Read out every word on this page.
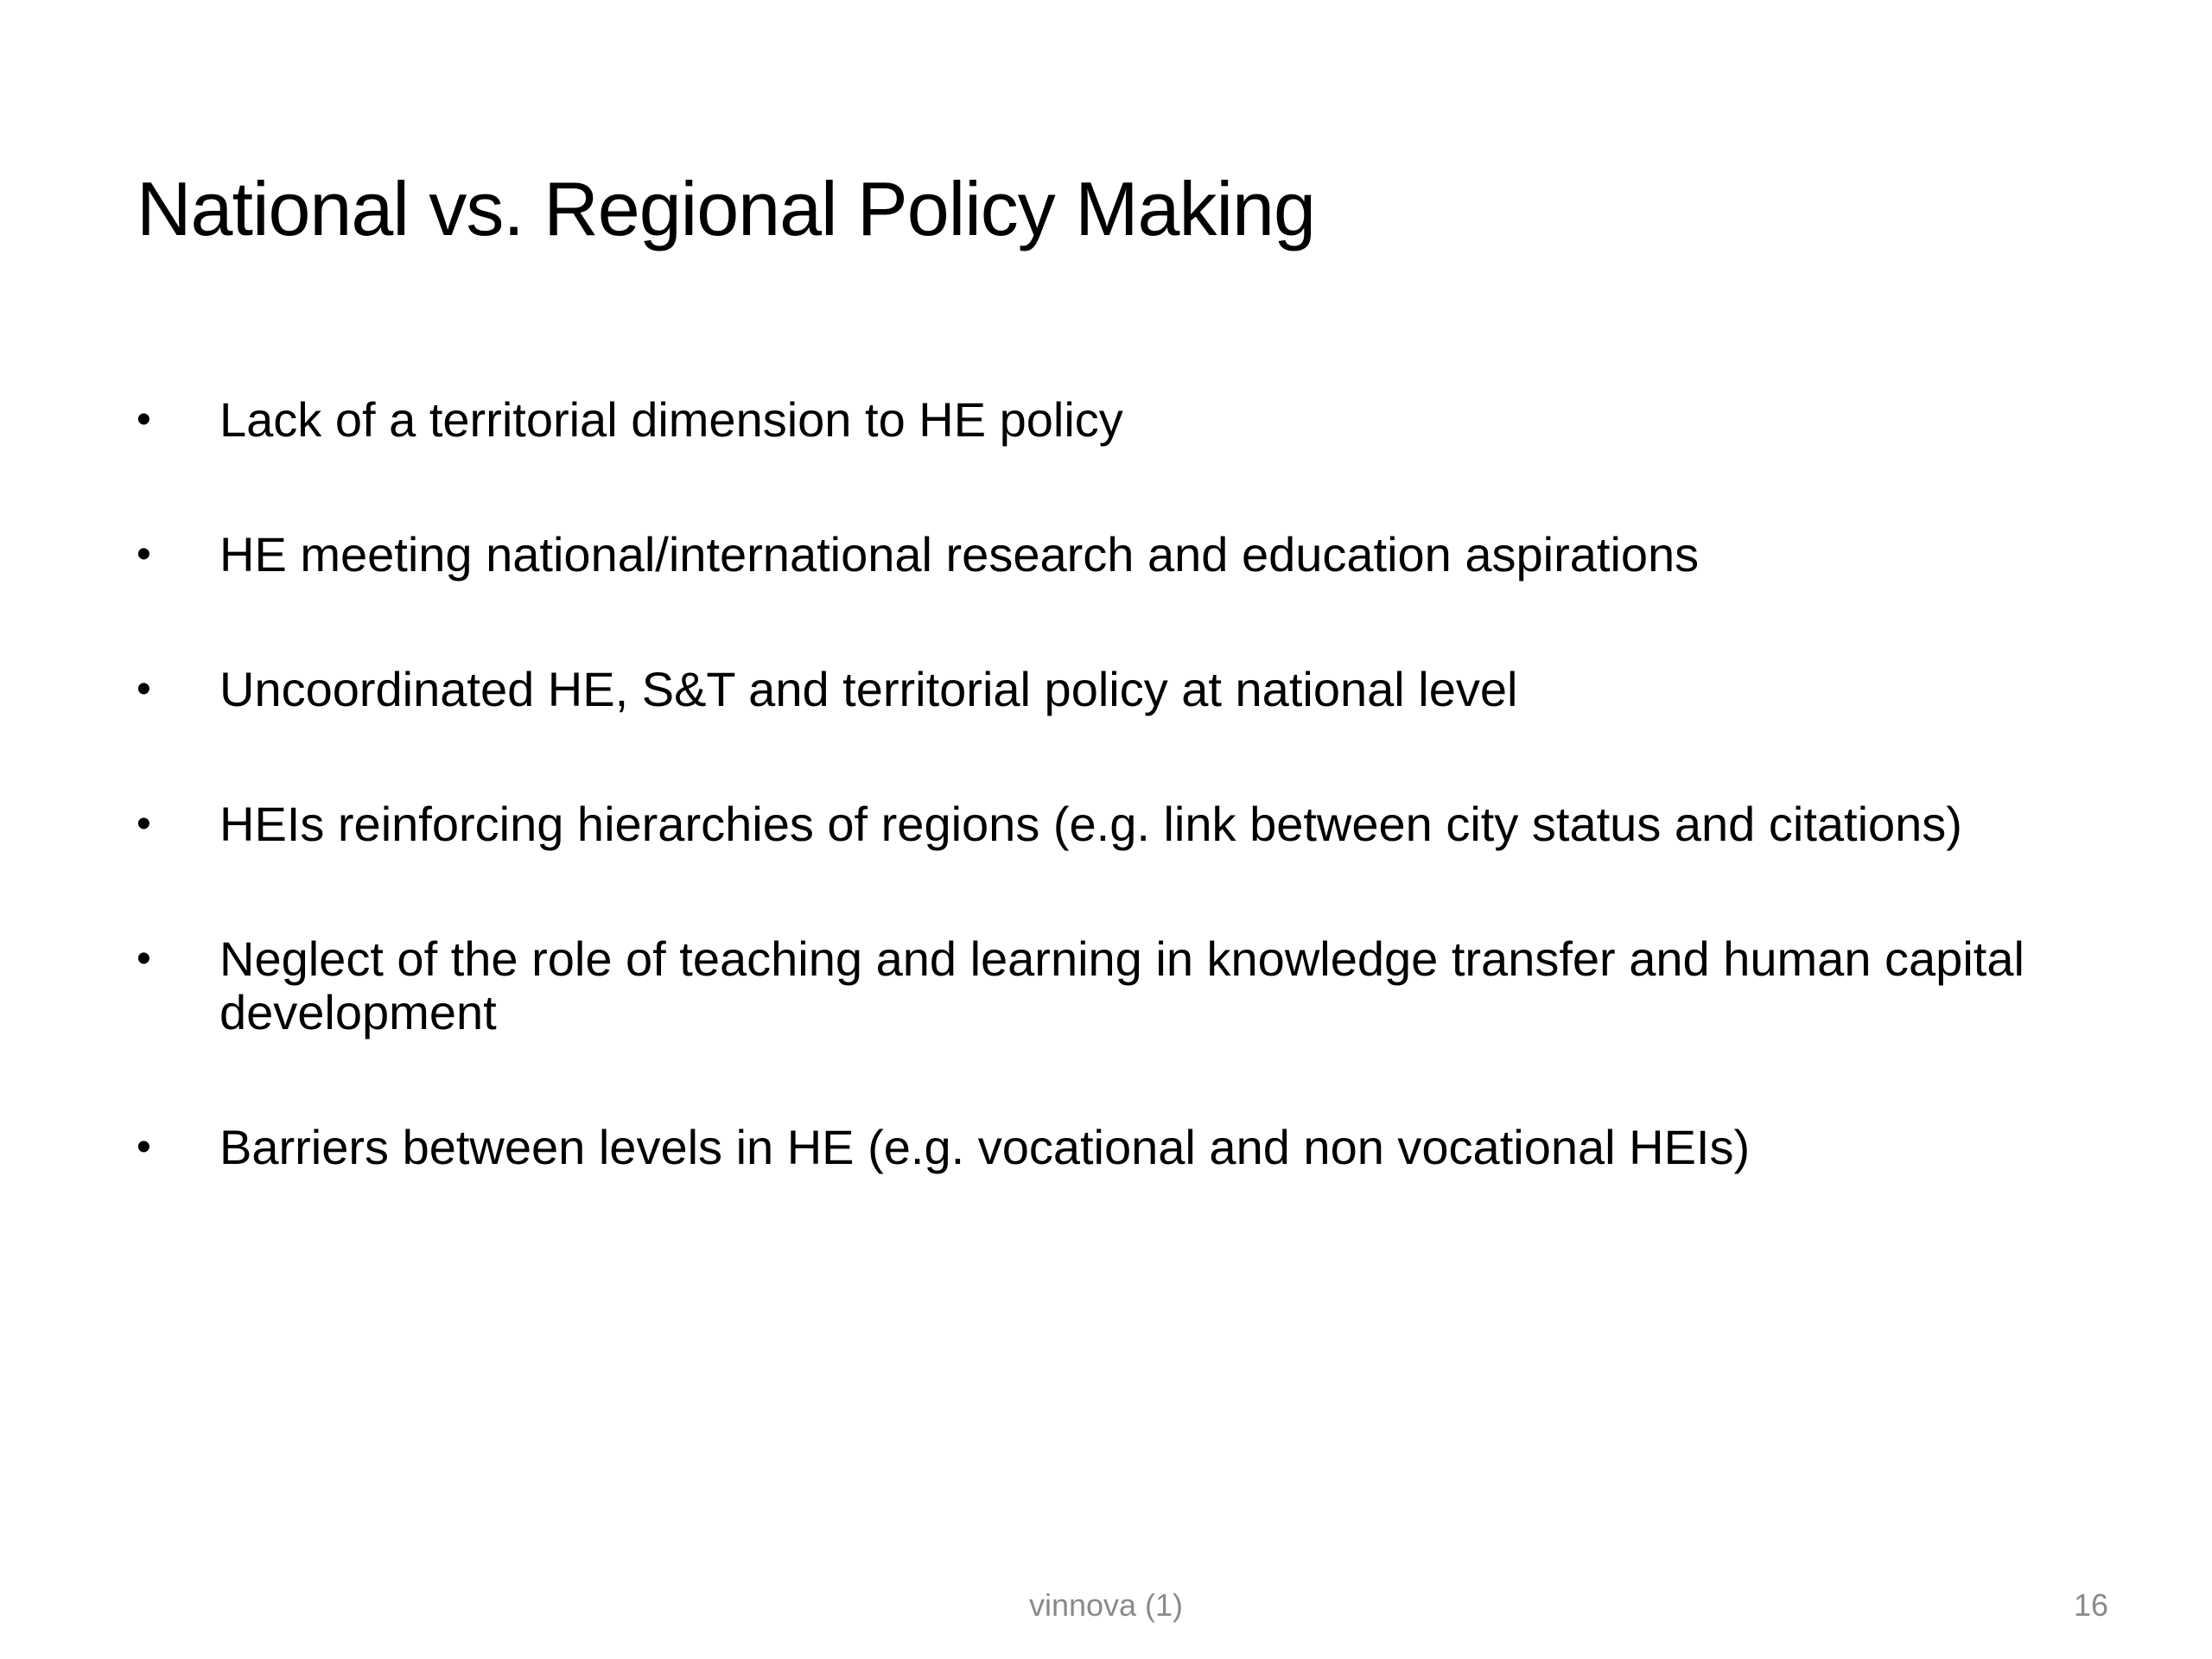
National vs. Regional Policy Making
•	Lack of a territorial dimension to HE policy
•	HE meeting national/international research and education aspirations
•	Uncoordinated HE, S&T and territorial policy at national level
•	HEIs reinforcing hierarchies of regions (e.g. link between city status and citations)
•	Neglect of the role of teaching and learning in knowledge transfer and human capital development
•	Barriers between levels in HE (e.g. vocational and non vocational HEIs)
vinnova (1)	16
